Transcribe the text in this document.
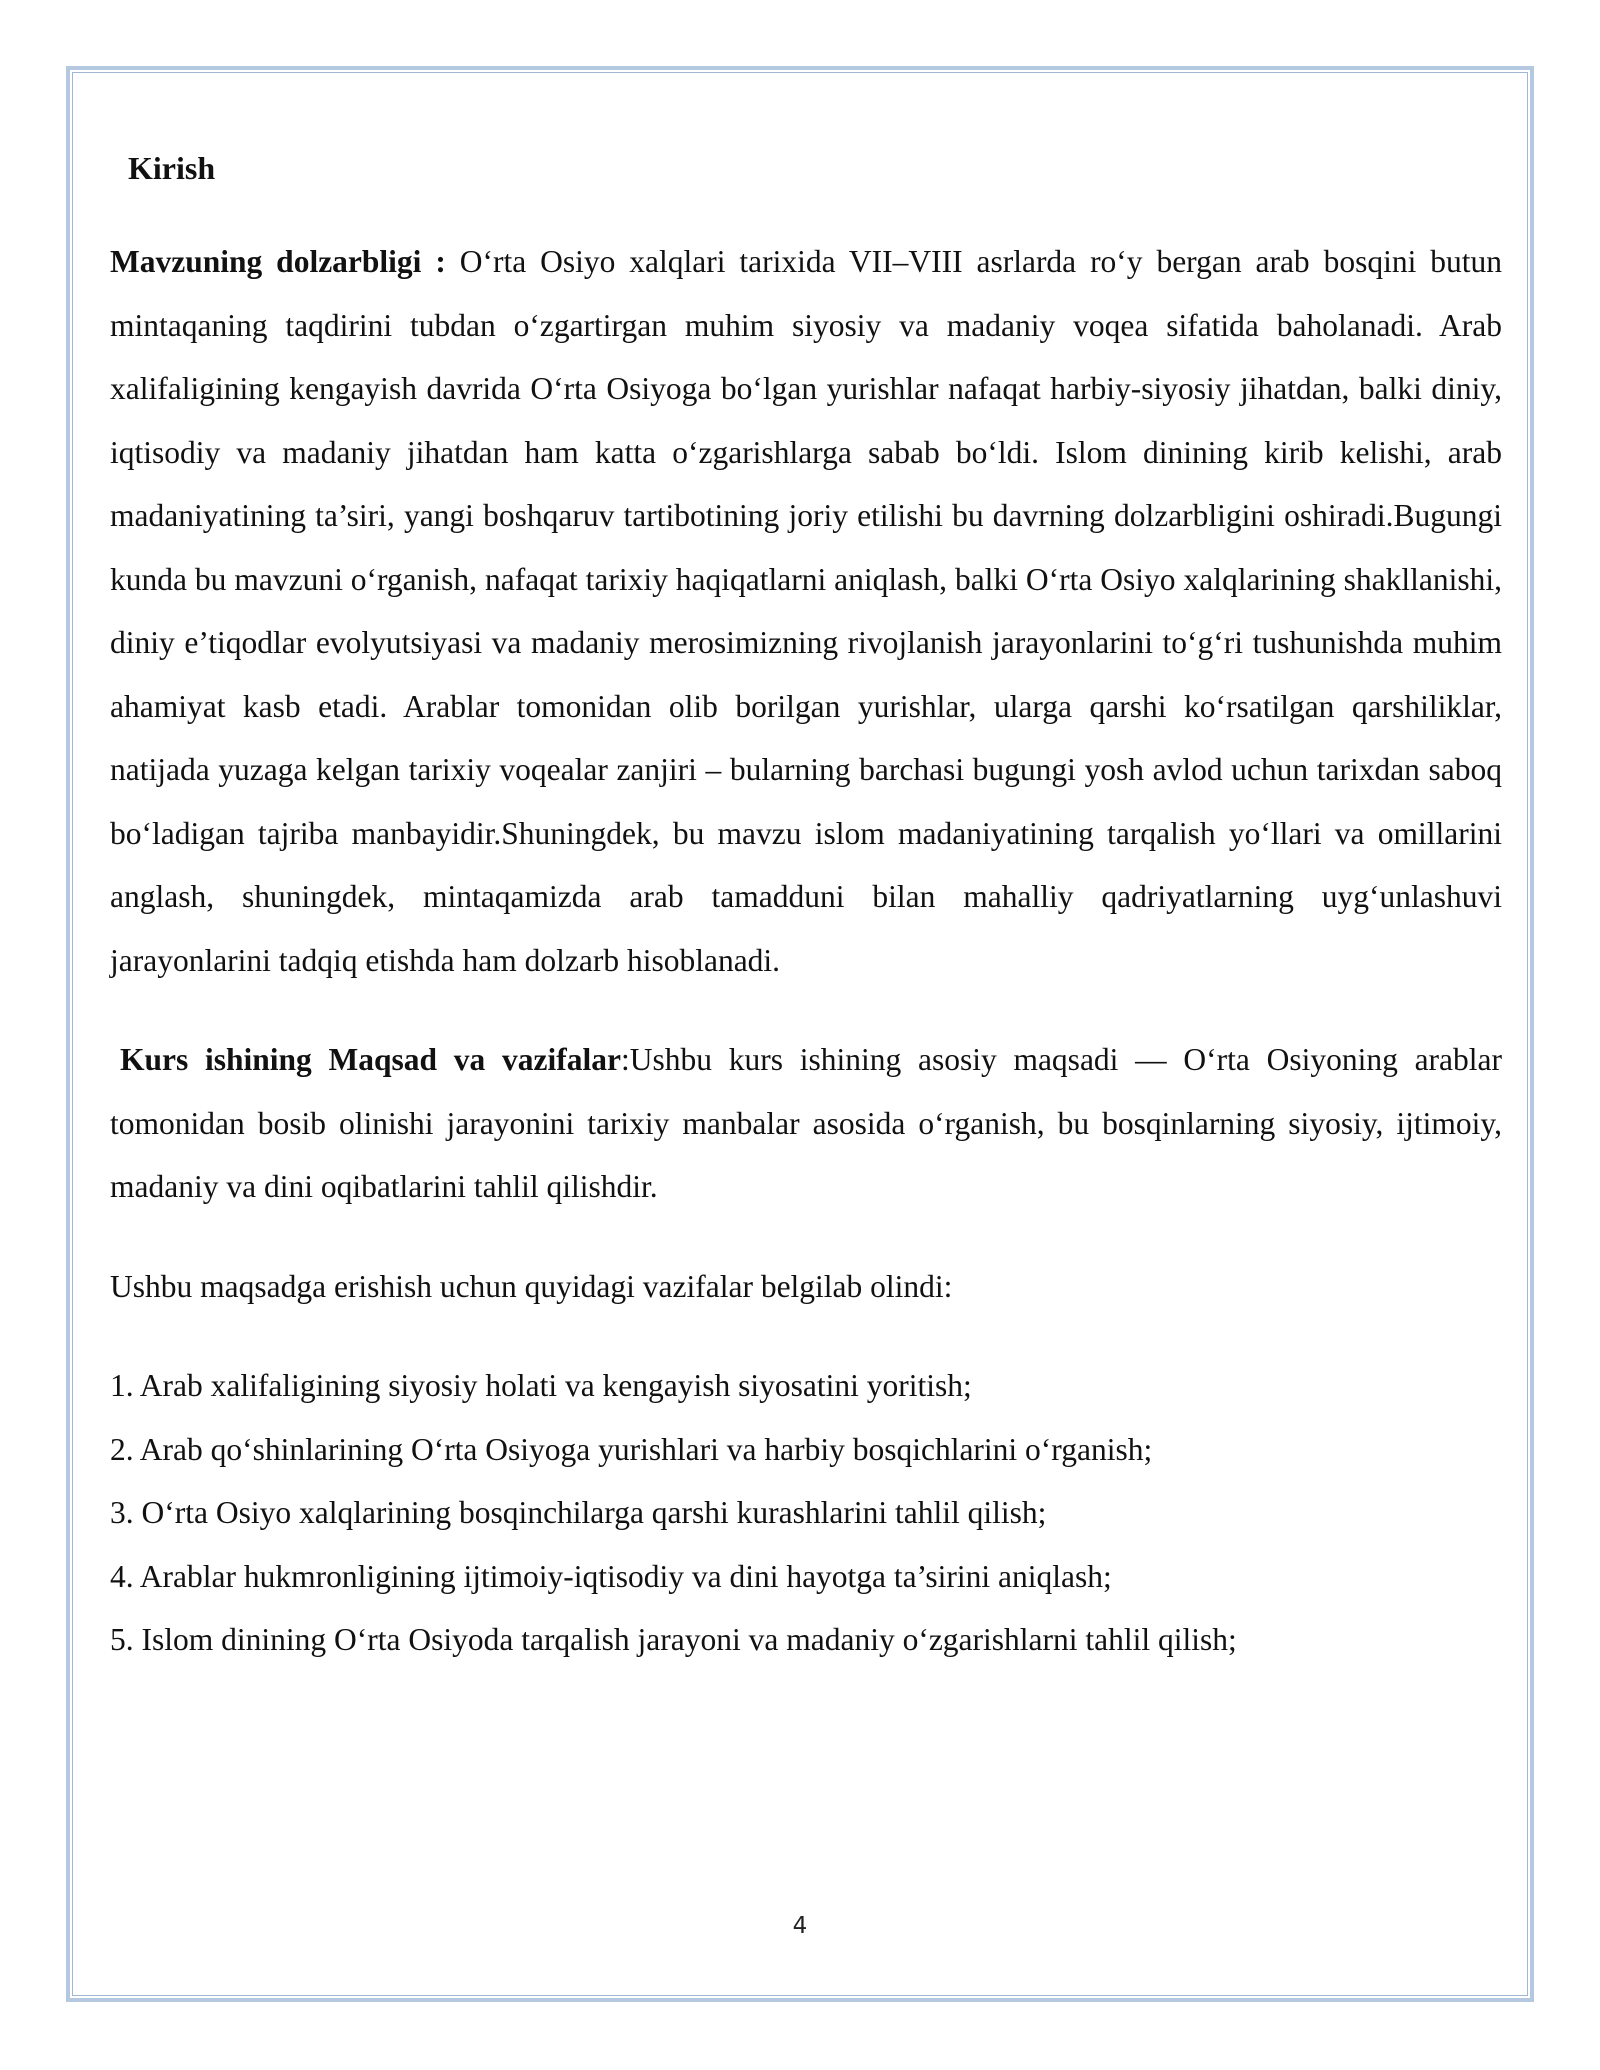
Kirish

Mavzuning dolzarbligi : O‘rta Osiyo xalqlari tarixida VII–VIII asrlarda ro‘y bergan arab bosqini butun mintaqaning taqdirini tubdan o‘zgartirgan muhim siyosiy va madaniy voqea sifatida baholanadi. Arab xalifaligining kengayish davrida O‘rta Osiyoga bo‘lgan yurishlar nafaqat harbiy-siyosiy jihatdan, balki diniy, iqtisodiy va madaniy jihatdan ham katta o‘zgarishlarga sabab bo‘ldi. Islom dinining kirib kelishi, arab madaniyatining ta’siri, yangi boshqaruv tartibotining joriy etilishi bu davrning dolzarbligini oshiradi.Bugungi kunda bu mavzuni o‘rganish, nafaqat tarixiy haqiqatlarni aniqlash, balki O‘rta Osiyo xalqlarining shakllanishi, diniy e’tiqodlar evolyutsiyasi va madaniy merosimizning rivojlanish jarayonlarini to‘g‘ri tushunishda muhim ahamiyat kasb etadi. Arablar tomonidan olib borilgan yurishlar, ularga qarshi ko‘rsatilgan qarshiliklar, natijada yuzaga kelgan tarixiy voqealar zanjiri – bularning barchasi bugungi yosh avlod uchun tarixdan saboq bo‘ladigan tajriba manbayidir.Shuningdek, bu mavzu islom madaniyatining tarqalish yo‘llari va omillarini anglash, shuningdek, mintaqamizda arab tamadduni bilan mahalliy qadriyatlarning uyg‘unlashuvi jarayonlarini tadqiq etishda ham dolzarb hisoblanadi.

Kurs ishining Maqsad va vazifalar:Ushbu kurs ishining asosiy maqsadi — O‘rta Osiyoning arablar tomonidan bosib olinishi jarayonini tarixiy manbalar asosida o‘rganish, bu bosqinlarning siyosiy, ijtimoiy, madaniy va dini oqibatlarini tahlil qilishdir.

Ushbu maqsadga erishish uchun quyidagi vazifalar belgilab olindi:

1. Arab xalifaligining siyosiy holati va kengayish siyosatini yoritish;
2. Arab qo‘shinlarining O‘rta Osiyoga yurishlari va harbiy bosqichlarini o‘rganish;
3. O‘rta Osiyo xalqlarining bosqinchilarga qarshi kurashlarini tahlil qilish;
4. Arablar hukmronligining ijtimoiy-iqtisodiy va dini hayotga ta’sirini aniqlash;
5. Islom dinining O‘rta Osiyoda tarqalish jarayoni va madaniy o‘zgarishlarni tahlil qilish;
4
